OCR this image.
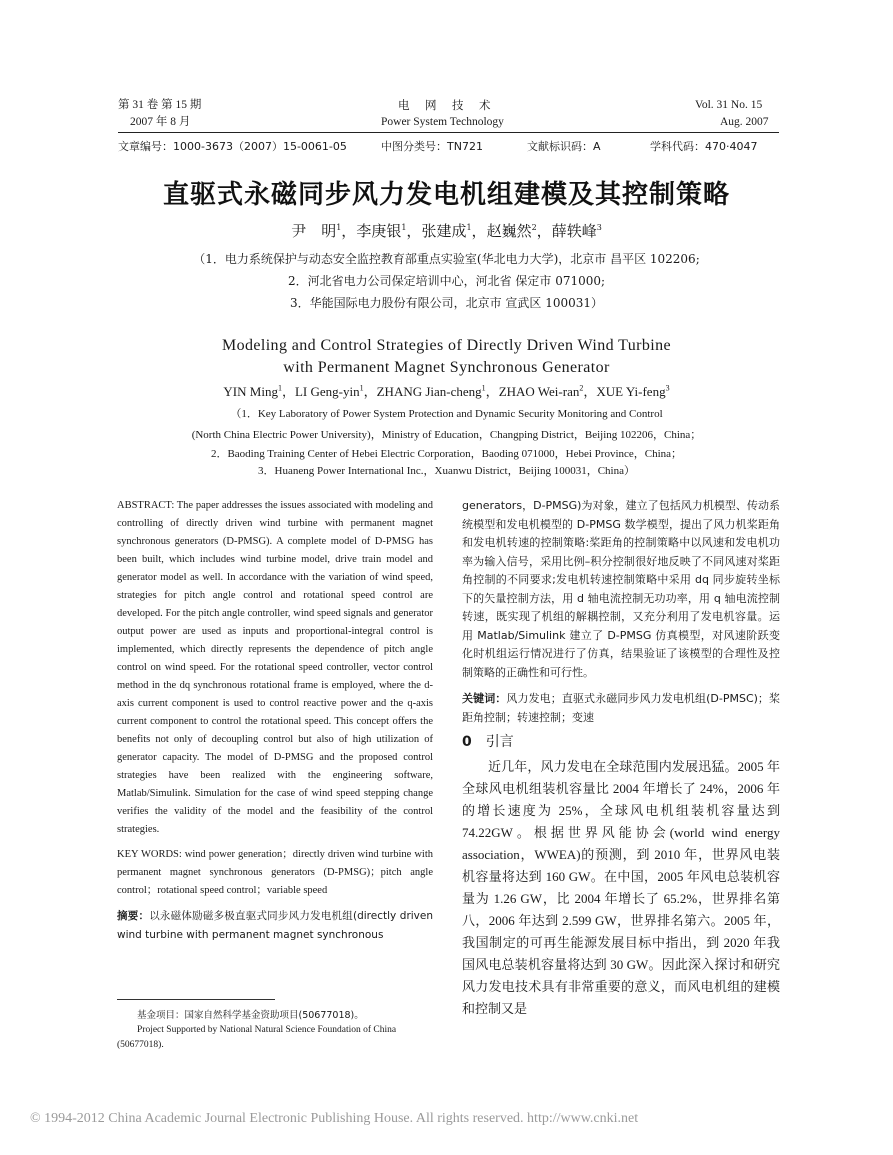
第 31 卷 第 15 期
2007 年 8 月
电　网　技　术
Power System Technology
Vol. 31 No. 15
Aug. 2007
文章编号：1000-3673（2007）15-0061-05	中图分类号：TN721	文献标识码：A	学科代码：470·4047
直驱式永磁同步风力发电机组建模及其控制策略
尹　明$^1$，李庚银$^1$，张建成$^1$，赵巍然$^2$，薛轶峰$^3$
（1．电力系统保护与动态安全监控教育部重点实验室(华北电力大学)，北京市 昌平区 102206;
2．河北省电力公司保定培训中心，河北省 保定市 071000;
3．华能国际电力股份有限公司，北京市 宣武区 100031）
Modeling and Control Strategies of Directly Driven Wind Turbine
with Permanent Magnet Synchronous Generator
YIN Ming$^1$，LI Geng-yin$^1$，ZHANG Jian-cheng$^1$，ZHAO Wei-ran$^2$，XUE Yi-feng$^3$
（1．Key Laboratory of Power System Protection and Dynamic Security Monitoring and Control
(North China Electric Power University)，Ministry of Education，Changping District，Beijing 102206，China；
2．Baoding Training Center of Hebei Electric Corporation，Baoding 071000，Hebei Province，China；
3．Huaneng Power International Inc.，Xuanwu District，Beijing 100031，China）

ABSTRACT: The paper addresses the issues associated with modeling and controlling of directly driven wind turbine with permanent magnet synchronous generators (D-PMSG). A complete model of D-PMSG has been built, which includes wind turbine model, drive train model and generator model as well. In accordance with the variation of wind speed, strategies for pitch angle control and rotational speed control are developed. For the pitch angle controller, wind speed signals and generator output power are used as inputs and proportional-integral control is implemented, which directly represents the dependence of pitch angle control on wind speed. For the rotational speed controller, vector control method in the dq synchronous rotational frame is employed, where the d-axis current component is used to control reactive power and the q-axis current component to control the rotational speed. This concept offers the benefits not only of decoupling control but also of high utilization of generator capacity. The model of D-PMSG and the proposed control strategies have been realized with the engineering software, Matlab/Simulink. Simulation for the case of wind speed stepping change verifies the validity of the model and the feasibility of the control strategies.

KEY WORDS: wind power generation；directly driven wind turbine with permanent magnet synchronous generators (D-PMSG)；pitch angle control；rotational speed control；variable speed

摘要：以永磁体励磁多极直驱式同步风力发电机组(directly driven wind turbine with permanent magnet synchronous

基金项目：国家自然科学基金资助项目(50677018)。

Project Supported by National Natural Science Foundation of China (50677018).

generators，D-PMSG)为对象，建立了包括风力机模型、传动系统模型和发电机模型的 D-PMSG 数学模型，提出了风力机桨距角和发电机转速的控制策略:桨距角的控制策略中以风速和发电机功率为输入信号，采用比例–积分控制很好地反映了不同风速对桨距角控制的不同要求;发电机转速控制策略中采用 dq 同步旋转坐标下的矢量控制方法，用 d 轴电流控制无功功率，用 q 轴电流控制转速，既实现了机组的解耦控制，又充分利用了发电机容量。运用 Matlab/Simulink 建立了 D-PMSG 仿真模型，对风速阶跃变化时机组运行情况进行了仿真，结果验证了该模型的合理性及控制策略的正确性和可行性。

关键词：风力发电；直驱式永磁同步风力发电机组(D-PMSC)；桨距角控制；转速控制；变速

0 引言

近几年，风力发电在全球范围内发展迅猛。2005 年全球风电机组装机容量比 2004 年增长了 24%，2006 年的增长速度为 25%，全球风电机组装机容量达到 74.22GW。根据世界风能协会(world wind energy association，WWEA)的预测，到 2010 年，世界风电装机容量将达到 160 GW。在中国，2005 年风电总装机容量为 1.26 GW，比 2004 年增长了 65.2%，世界排名第八，2006 年达到 2.599 GW，世界排名第六。2005 年，我国制定的可再生能源发展目标中指出，到 2020 年我国风电总装机容量将达到 30 GW。因此深入探讨和研究风力发电技术具有非常重要的意义，而风电机组的建模和控制又是

© 1994-2012 China Academic Journal Electronic Publishing House. All rights reserved. http://www.cnki.net
